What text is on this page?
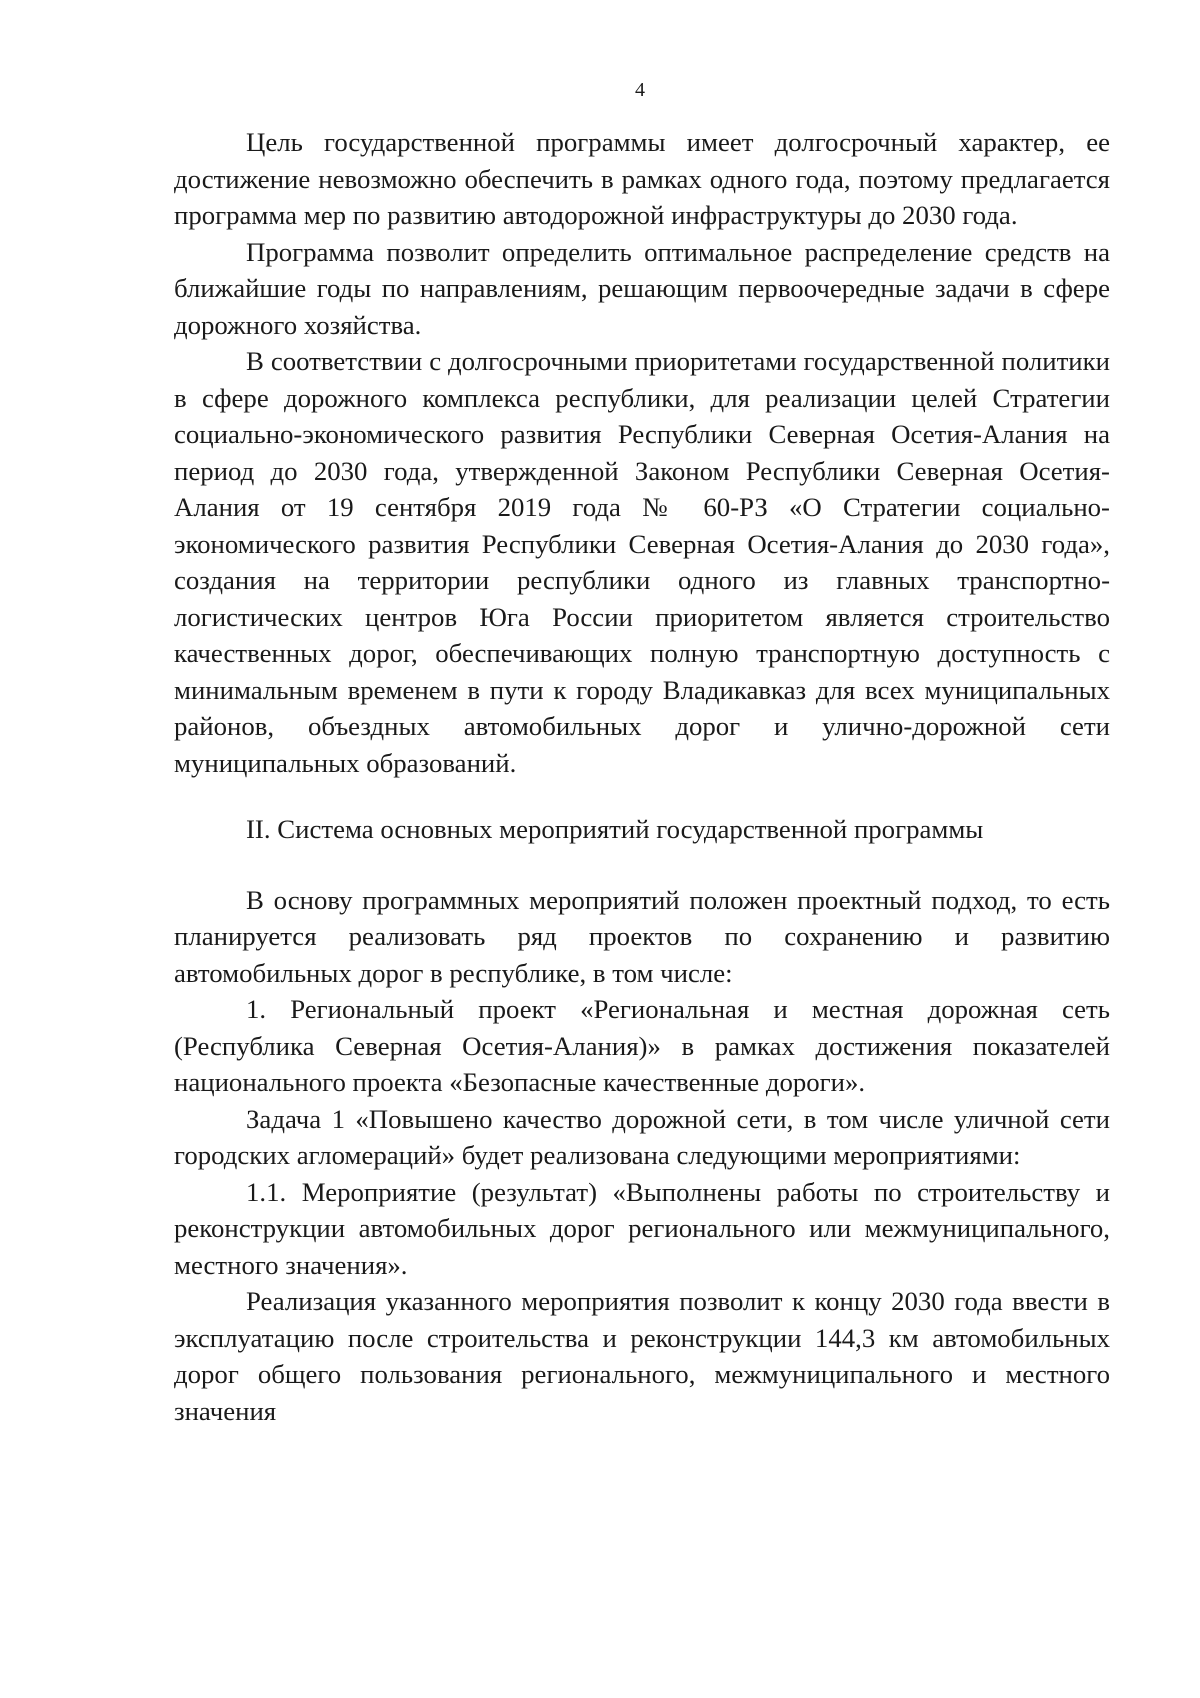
4

Цель государственной программы имеет долгосрочный характер, ее достижение невозможно обеспечить в рамках одного года, поэтому предлагается программа мер по развитию автодорожной инфраструктуры до 2030 года.

Программа позволит определить оптимальное распределение средств на ближайшие годы по направлениям, решающим первоочередные задачи в сфере дорожного хозяйства.

В соответствии с долгосрочными приоритетами государственной политики в сфере дорожного комплекса республики, для реализации целей Стратегии социально-экономического развития Республики Северная Осетия-Алания на период до 2030 года, утвержденной Законом Республики Северная Осетия-Алания от 19 сентября 2019 года № 60-РЗ «О Стратегии социально-экономического развития Республики Северная Осетия-Алания до 2030 года», создания на территории республики одного из главных транспортно-логистических центров Юга России приоритетом является строительство качественных дорог, обеспечивающих полную транспортную доступность с минимальным временем в пути к городу Владикавказ для всех муниципальных районов, объездных автомобильных дорог и улично-дорожной сети муниципальных образований.

II. Система основных мероприятий государственной программы

В основу программных мероприятий положен проектный подход, то есть планируется реализовать ряд проектов по сохранению и развитию автомобильных дорог в республике, в том числе:

1. Региональный проект «Региональная и местная дорожная сеть (Республика Северная Осетия-Алания)» в рамках достижения показателей национального проекта «Безопасные качественные дороги».

Задача 1 «Повышено качество дорожной сети, в том числе уличной сети городских агломераций» будет реализована следующими мероприятиями:

1.1. Мероприятие (результат) «Выполнены работы по строительству и реконструкции автомобильных дорог регионального или межмуниципального, местного значения».

Реализация указанного мероприятия позволит к концу 2030 года ввести в эксплуатацию после строительства и реконструкции 144,3 км автомобильных дорог общего пользования регионального, межмуниципального и местного значения
